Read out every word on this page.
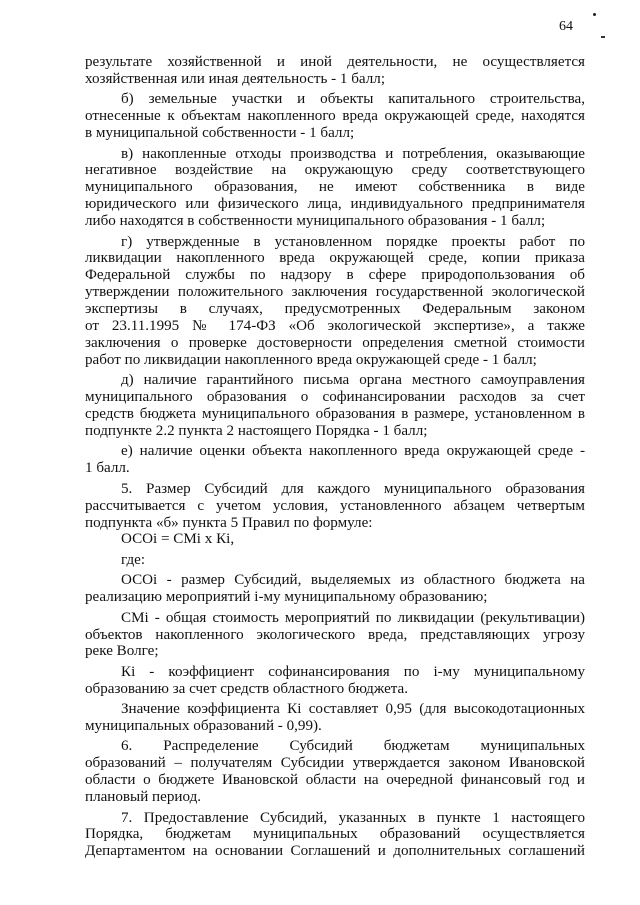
64
результате хозяйственной и иной деятельности, не осуществляется
хозяйственная или иная деятельность - 1 балл;
б) земельные участки и объекты капитального строительства,
отнесенные к объектам накопленного вреда окружающей среде, находятся
в муниципальной собственности - 1 балл;
в) накопленные отходы производства и потребления, оказывающие
негативное воздействие на окружающую среду соответствующего
муниципального образования, не имеют собственника в виде
юридического или физического лица, индивидуального предпринимателя
либо находятся в собственности муниципального образования - 1 балл;
г) утвержденные в установленном порядке проекты работ по
ликвидации накопленного вреда окружающей среде, копии приказа
Федеральной службы по надзору в сфере природопользования об
утверждении положительного заключения государственной экологической
экспертизы в случаях, предусмотренных Федеральным законом
от 23.11.1995 № 174-ФЗ «Об экологической экспертизе», а также
заключения о проверке достоверности определения сметной стоимости
работ по ликвидации накопленного вреда окружающей среде - 1 балл;
д) наличие гарантийного письма органа местного самоуправления
муниципального образования о софинансировании расходов за счет
средств бюджета муниципального образования в размере, установленном в
подпункте 2.2 пункта 2 настоящего Порядка - 1 балл;
е) наличие оценки объекта накопленного вреда окружающей среде -
1 балл.
5. Размер Субсидий для каждого муниципального образования
рассчитывается с учетом условия, установленного абзацем четвертым
подпункта «б» пункта 5 Правил по формуле:
ОСОi = СМi x Кi,
где:
ОСОi - размер Субсидий, выделяемых из областного бюджета на
реализацию мероприятий i-му муниципальному образованию;
СМi - общая стоимость мероприятий по ликвидации (рекультивации)
объектов накопленного экологического вреда, представляющих угрозу
реке Волге;
Кi - коэффициент софинансирования по i-му муниципальному
образованию за счет средств областного бюджета.
Значение коэффициента Кi составляет 0,95 (для высокодотационных
муниципальных образований - 0,99).
6. Распределение Субсидий бюджетам муниципальных
образований – получателям Субсидии утверждается законом Ивановской
области о бюджете Ивановской области на очередной финансовый год и
плановый период.
7. Предоставление Субсидий, указанных в пункте 1 настоящего
Порядка, бюджетам муниципальных образований осуществляется
Департаментом на основании Соглашений и дополнительных соглашений
